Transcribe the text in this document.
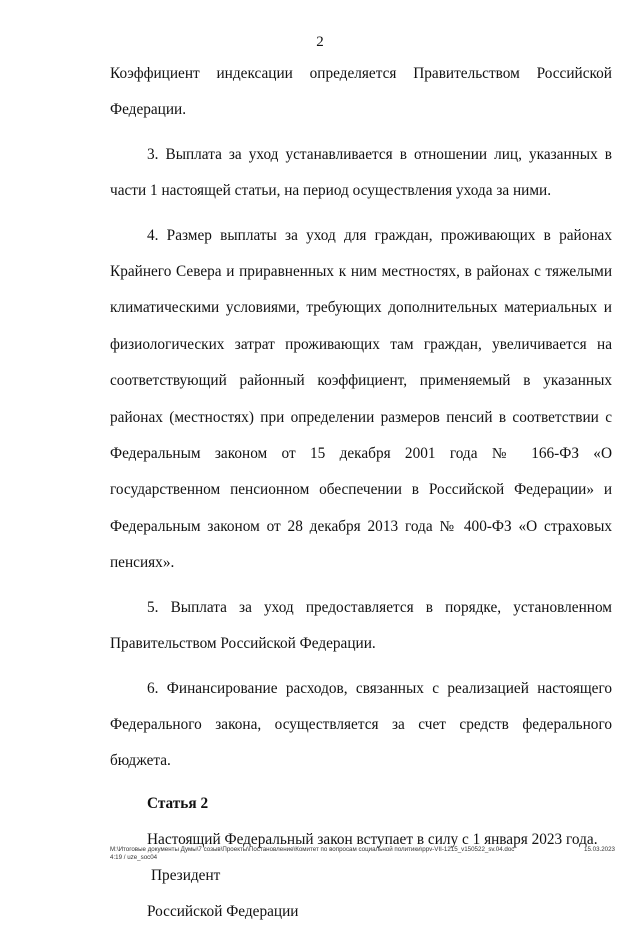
2

Коэффициент индексации определяется Правительством Российской Федерации.

3. Выплата за уход устанавливается в отношении лиц, указанных в части 1 настоящей статьи, на период осуществления ухода за ними.

4. Размер выплаты за уход для граждан, проживающих в районах Крайнего Севера и приравненных к ним местностях, в районах с тяжелыми климатическими условиями, требующих дополнительных материальных и физиологических затрат проживающих там граждан, увеличивается на соответствующий районный коэффициент, применяемый в указанных районах (местностях) при определении размеров пенсий в соответствии с Федеральным законом от 15 декабря 2001 года № 166-ФЗ «О государственном пенсионном обеспечении в Российской Федерации» и Федеральным законом от 28 декабря 2013 года № 400-ФЗ «О страховых пенсиях».

5. Выплата за уход предоставляется в порядке, установленном Правительством Российской Федерации.

6. Финансирование расходов, связанных с реализацией настоящего Федерального закона, осуществляется за счет средств федерального бюджета.

Статья 2

Настоящий Федеральный закон вступает в силу с 1 января 2023 года.

Президент

Российской Федерации

M:\Итоговые документы Думы\7 созыв\Проекты\Постановление\Комитет по вопросам социальной политики\ppv-VII-1215_v150522_sv.04.doc	15.03.2023

4:19 / uze_soc04
